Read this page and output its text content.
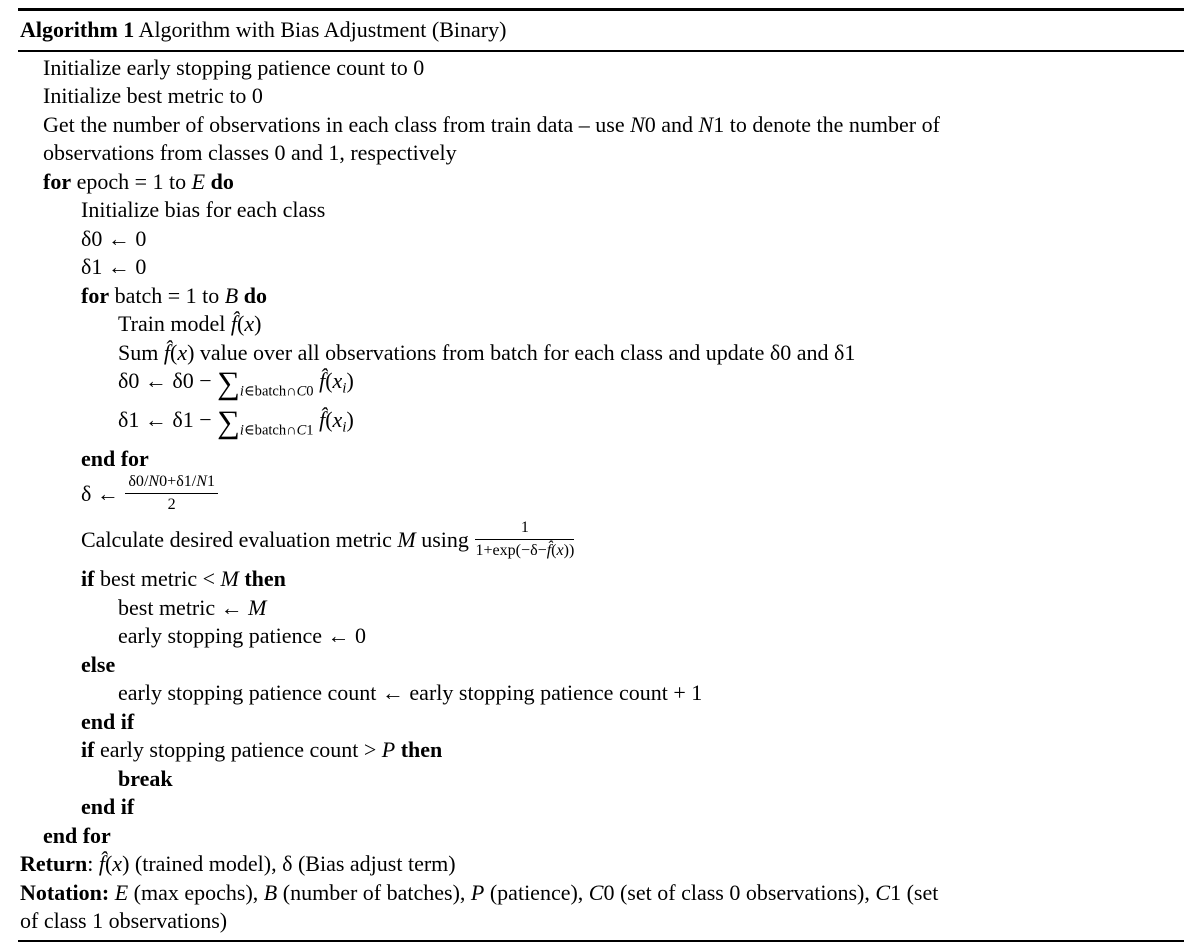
Algorithm 1 Algorithm with Bias Adjustment (Binary)
Initialize early stopping patience count to 0
Initialize best metric to 0
Get the number of observations in each class from train data – use N0 and N1 to denote the number of
observations from classes 0 and 1, respectively
for epoch = 1 to E do
Initialize bias for each class
δ0 ← 0
δ1 ← 0
for batch = 1 to B do
Train model f̂(x)
Sum f̂(x) value over all observations from batch for each class and update δ0 and δ1
δ0 ← $\delta 0 - \sum_{i\in batch\cap C0}$ $f̂(x_i)$
δ1 ← $\delta 1 - \sum_{i\in batch\cap C1}$ $f̂(x_i)$
end for
δ ← $\frac{\delta 0/N0+\delta 1/N1}{2}$
Calculate desired evaluation metric M using $\frac{1}{1+\exp(-\delta-f̂(x))}$
if best metric < M then
best metric ← M
early stopping patience ← 0
else
early stopping patience count ← early stopping patience count + 1
end if
if early stopping patience count > P then
break
end if
end for
Return: f̂(x) (trained model), δ (Bias adjust term)
Notation: E (max epochs), B (number of batches), P (patience), C0 (set of class 0 observations), C1 (set
of class 1 observations)
